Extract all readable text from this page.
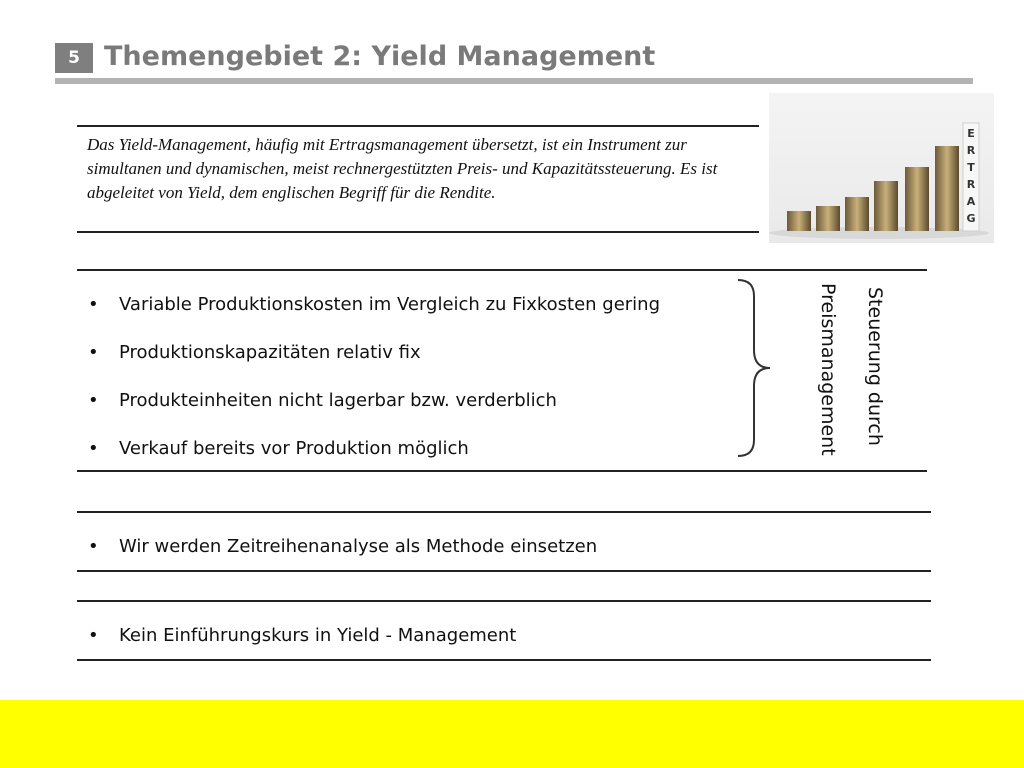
5 Themengebiet 2: Yield Management
Das Yield-Management, häufig mit Ertragsmanagement übersetzt, ist ein Instrument zur simultanen und dynamischen, meist rechnergestützten Preis- und Kapazitätssteuerung. Es ist abgeleitet von Yield, dem englischen Begriff für die Rendite.
E
R
T
R
A
G
• Variable Produktionskosten im Vergleich zu Fixkosten gering
• Produktionskapazitäten relativ fix
• Produkteinheiten nicht lagerbar bzw. verderblich
• Verkauf bereits vor Produktion möglich
Steuerung durch
Preismanagement
• Wir werden Zeitreihenanalyse als Methode einsetzen
• Kein Einführungskurs in Yield - Management
